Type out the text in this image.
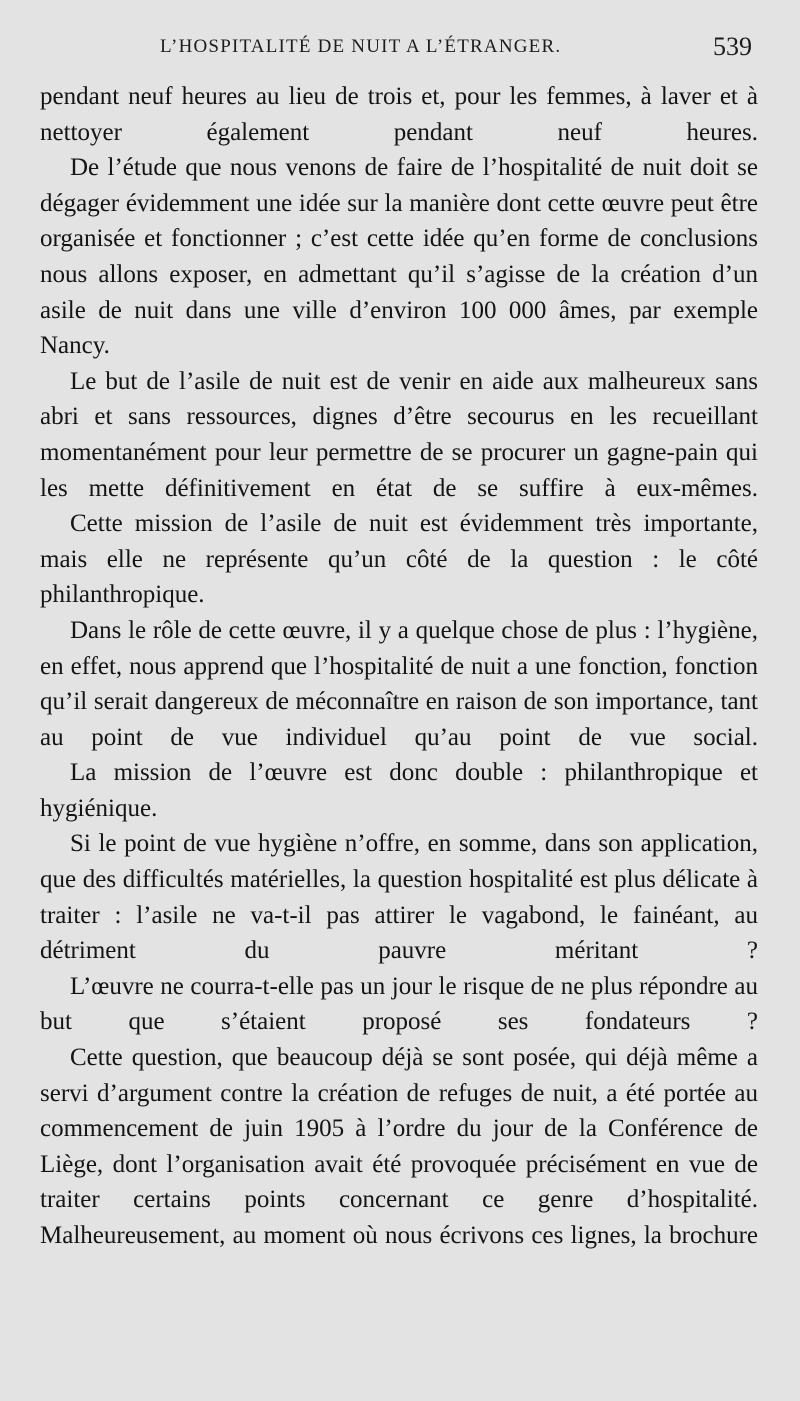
L’HOSPITALITÉ DE NUIT A L’ÉTRANGER.	539

pendant neuf heures au lieu de trois et, pour les femmes, à laver et à nettoyer également pendant neuf heures.

De l’étude que nous venons de faire de l’hospitalité de nuit doit se dégager évidemment une idée sur la manière dont cette œuvre peut être organisée et fonctionner ; c’est cette idée qu’en forme de conclusions nous allons exposer, en admettant qu’il s’agisse de la création d’un asile de nuit dans une ville d’environ 100 000 âmes, par exemple Nancy.

Le but de l’asile de nuit est de venir en aide aux malheureux sans abri et sans ressources, dignes d’être secourus en les recueillant momentanément pour leur permettre de se procurer un gagne-pain qui les mette définitivement en état de se suffire à eux-mêmes.

Cette mission de l’asile de nuit est évidemment très importante, mais elle ne représente qu’un côté de la question : le côté philanthropique.

Dans le rôle de cette œuvre, il y a quelque chose de plus : l’hygiène, en effet, nous apprend que l’hospitalité de nuit a une fonction, fonction qu’il serait dangereux de méconnaître en raison de son importance, tant au point de vue individuel qu’au point de vue social.

La mission de l’œuvre est donc double : philanthropique et hygiénique.

Si le point de vue hygiène n’offre, en somme, dans son application, que des difficultés matérielles, la question hospitalité est plus délicate à traiter : l’asile ne va-t-il pas attirer le vagabond, le fainéant, au détriment du pauvre méritant ?

L’œuvre ne courra-t-elle pas un jour le risque de ne plus répondre au but que s’étaient proposé ses fondateurs ?

Cette question, que beaucoup déjà se sont posée, qui déjà même a servi d’argument contre la création de refuges de nuit, a été portée au commencement de juin 1905 à l’ordre du jour de la Conférence de Liège, dont l’organisation avait été provoquée précisément en vue de traiter certains points concernant ce genre d’hospitalité. Malheureusement, au moment où nous écrivons ces lignes, la brochure
